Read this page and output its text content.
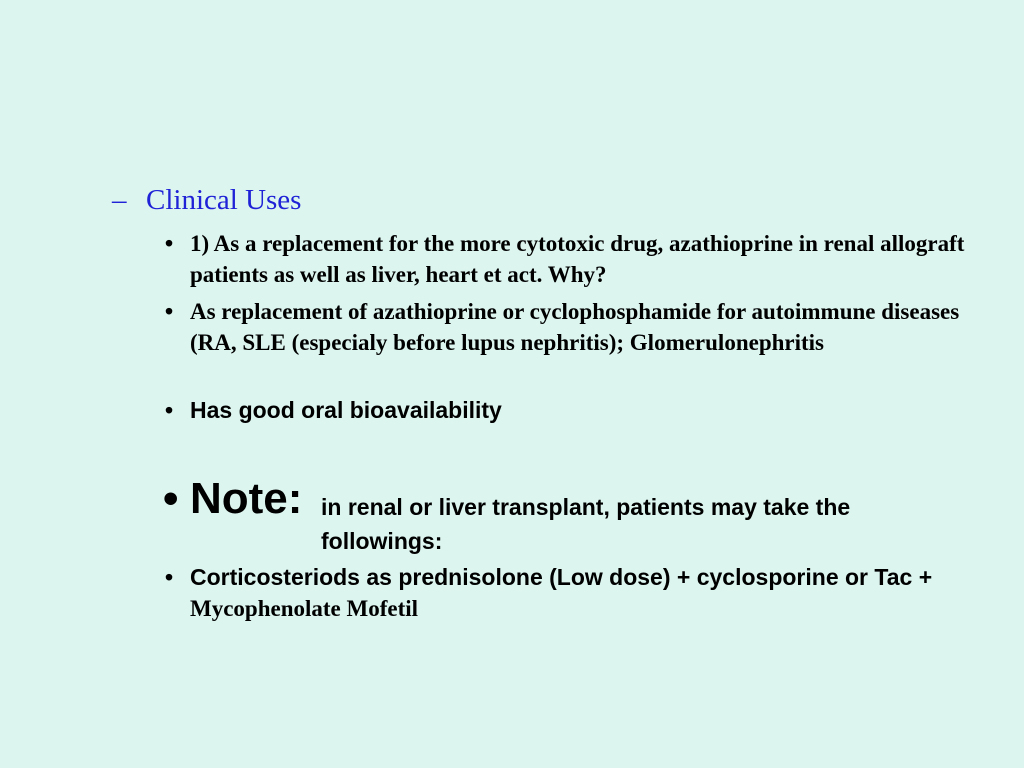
– Clinical Uses
• 1) As a replacement for the more cytotoxic drug, azathioprine in renal allograft patients as well as liver, heart et act. Why?
• As replacement of azathioprine or cyclophosphamide for autoimmune diseases (RA, SLE (especialy before lupus nephritis); Glomerulonephritis
• Has good oral bioavailability
• Note: in renal or liver transplant, patients may take the followings:
• Corticosteriods as prednisolone (Low dose) + cyclosporine or Tac + Mycophenolate Mofetil
